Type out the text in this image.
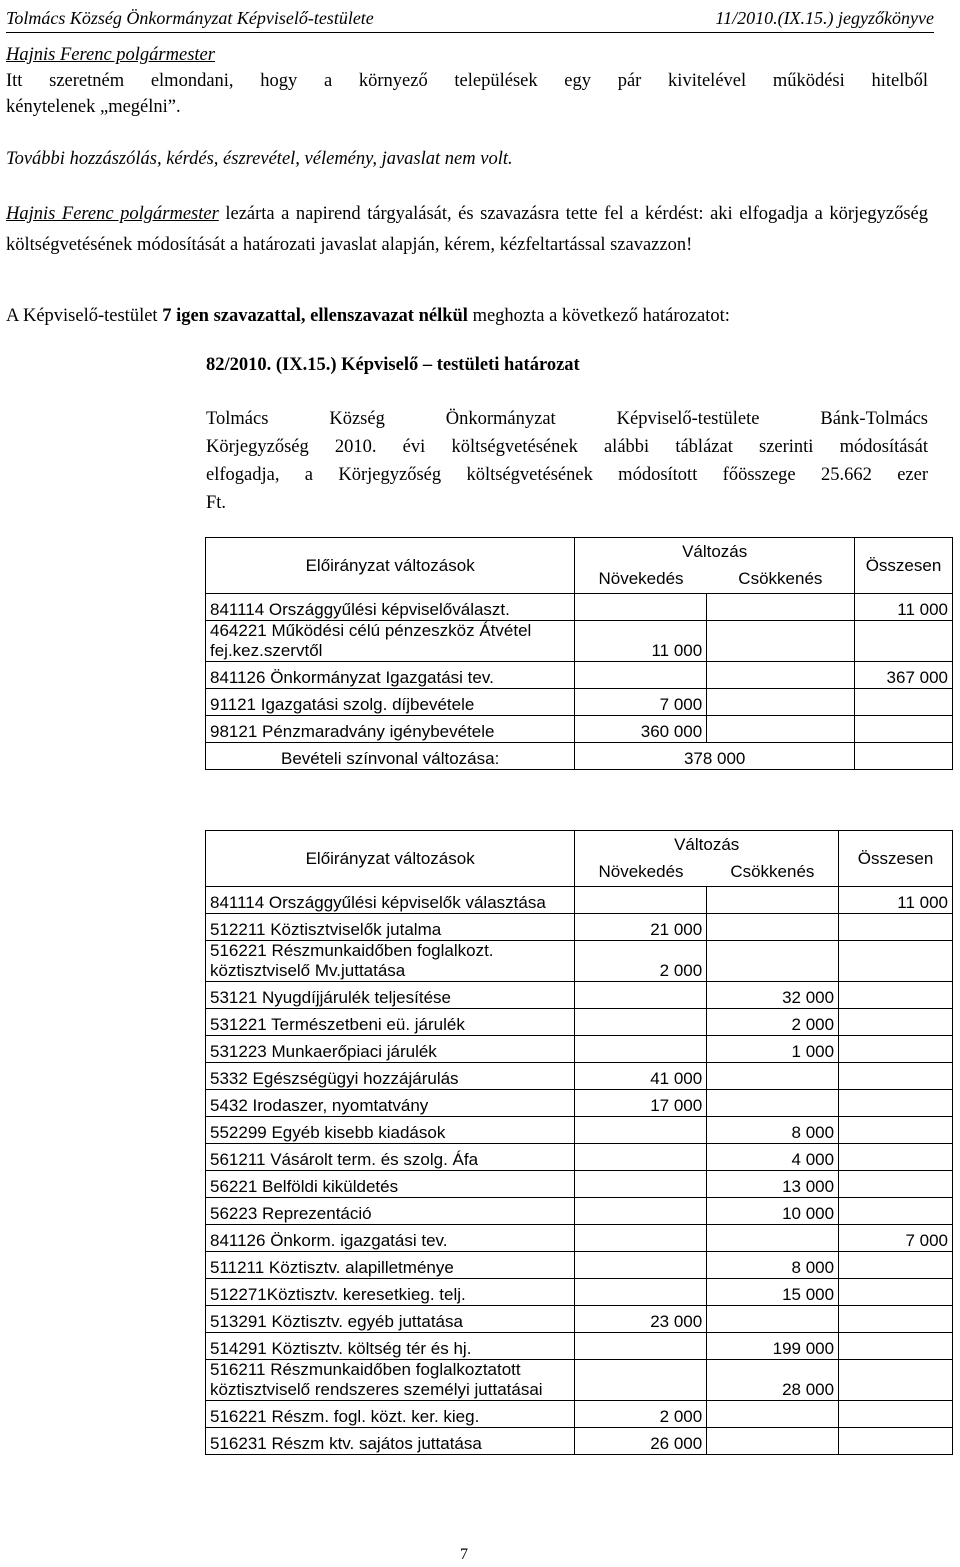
Tolmács Község Önkormányzat Képviselő-testülete	11/2010.(IX.15.) jegyzőkönyve
Hajnis Ferenc polgármester
Itt szeretném elmondani, hogy a környező települések egy pár kivitelével működési hitelből
kénytelenek „megélni”.
További hozzászólás, kérdés, észrevétel, vélemény, javaslat nem volt.
Hajnis Ferenc polgármester lezárta a napirend tárgyalását, és szavazásra tette fel a kérdést: aki elfogadja a körjegyzőség költségvetésének módosítását a határozati javaslat alapján, kérem, kézfeltartással szavazzon!
A Képviselő-testület 7 igen szavazattal, ellenszavazat nélkül meghozta a következő határozatot:
82/2010. (IX.15.) Képviselő – testületi határozat
Tolmács Község Önkormányzat Képviselő-testülete Bánk-Tolmács
Körjegyzőség 2010. évi költségvetésének alábbi táblázat szerinti módosítását
elfogadja, a Körjegyzőség költségvetésének módosított főösszege 25.662 ezer
Ft.
Előirányzat változások	Változás		Összesen
	Növekedés	Csökkenés	
841114 Országgyűlési képviselőválaszt.			11 000
464221 Működési célú pénzeszköz Átvétel fej.kez.szervtől	11 000		
841126 Önkormányzat Igazgatási tev.			367 000
91121 Igazgatási szolg. díjbevétele	7 000		
98121 Pénzmaradvány igénybevétele	360 000		
Bevételi színvonal változása:	378 000		
Előirányzat változások	Változás		Összesen
	Növekedés	Csökkenés	
841114 Országgyűlési képviselők választása			11 000
512211 Köztisztviselők jutalma	21 000		
516221 Részmunkaidőben foglalkozt. köztisztviselő Mv.juttatása	2 000		
53121 Nyugdíjjárulék teljesítése		32 000	
531221 Természetbeni eü. járulék		2 000	
531223 Munkaerőpiaci járulék		1 000	
5332 Egészségügyi hozzájárulás	41 000		
5432 Irodaszer, nyomtatvány	17 000		
552299 Egyéb kisebb kiadások		8 000	
561211 Vásárolt term. és szolg. Áfa		4 000	
56221 Belföldi kiküldetés		13 000	
56223 Reprezentáció		10 000	
841126 Önkorm. igazgatási tev.			7 000
511211 Köztisztv. alapilletménye		8 000	
512271Köztisztv. keresetkieg. telj.		15 000	
513291 Köztisztv. egyéb juttatása	23 000		
514291 Köztisztv. költség tér és hj.		199 000	
516211 Részmunkaidőben foglalkoztatott köztisztviselő rendszeres személyi juttatásai		28 000	
516221 Részm. fogl. közt. ker. kieg.	2 000		
516231 Részm ktv. sajátos juttatása	26 000		
7
